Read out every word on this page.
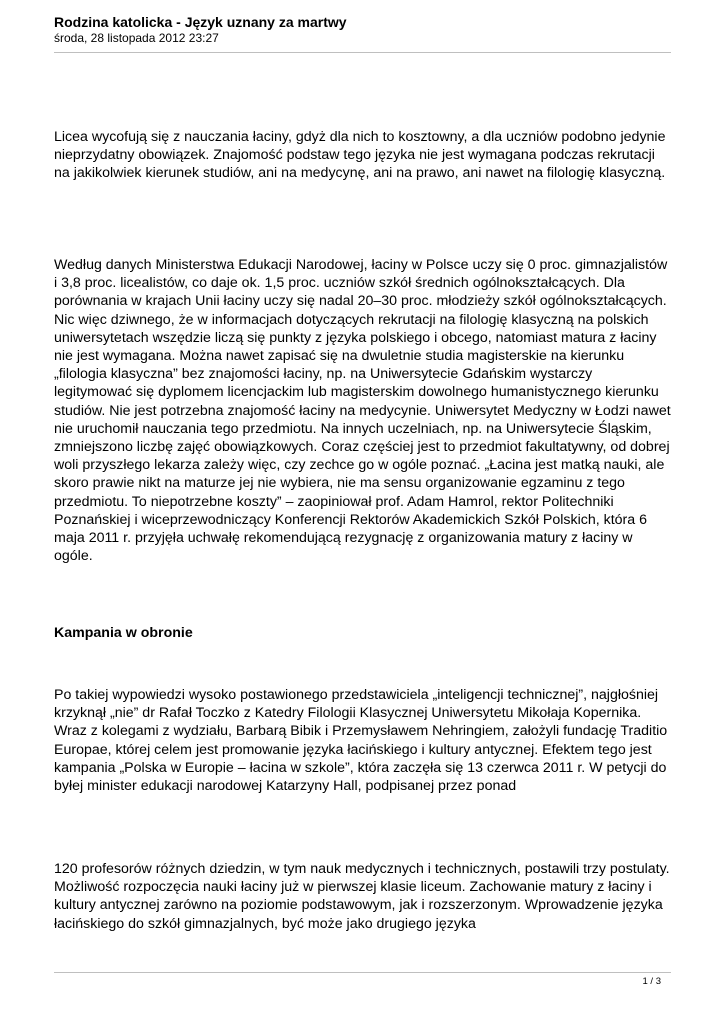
Rodzina katolicka - Język uznany za martwy

środa, 28 listopada 2012 23:27

Licea wycofują się z nauczania łaciny, gdyż dla nich to kosztowny, a dla uczniów podobno jedynie nieprzydatny obowiązek. Znajomość podstaw tego języka nie jest wymagana podczas rekrutacji na jakikolwiek kierunek studiów, ani na medycynę, ani na prawo, ani nawet na filologię klasyczną.

Według danych Ministerstwa Edukacji Narodowej, łaciny w Polsce uczy się 0 proc. gimnazjalistów i 3,8 proc. licealistów, co daje ok. 1,5 proc. uczniów szkół średnich ogólnokształcących. Dla porównania w krajach Unii łaciny uczy się nadal 20–30 proc. młodzieży szkół ogólnokształcących. Nic więc dziwnego, że w informacjach dotyczących rekrutacji na filologię klasyczną na polskich uniwersytetach wszędzie liczą się punkty z języka polskiego i obcego, natomiast matura z łaciny nie jest wymagana. Można nawet zapisać się na dwuletnie studia magisterskie na kierunku „filologia klasyczna” bez znajomości łaciny, np. na Uniwersytecie Gdańskim wystarczy legitymować się dyplomem licencjackim lub magisterskim dowolnego humanistycznego kierunku studiów. Nie jest potrzebna znajomość łaciny na medycynie. Uniwersytet Medyczny w Łodzi nawet nie uruchomił nauczania tego przedmiotu. Na innych uczelniach, np. na Uniwersytecie Śląskim, zmniejszono liczbę zajęć obowiązkowych. Coraz częściej jest to przedmiot fakultatywny, od dobrej woli przyszłego lekarza zależy więc, czy zechce go w ogóle poznać. „Łacina jest matką nauki, ale skoro prawie nikt na maturze jej nie wybiera, nie ma sensu organizowanie egzaminu z tego przedmiotu. To niepotrzebne koszty” – zaopiniował prof. Adam Hamrol, rektor Politechniki Poznańskiej i wiceprzewodniczący Konferencji Rektorów Akademickich Szkół Polskich, która 6 maja 2011 r. przyjęła uchwałę rekomendującą rezygnację z organizowania matury z łaciny w ogóle.

Kampania w obronie

Po takiej wypowiedzi wysoko postawionego przedstawiciela „inteligencji technicznej”, najgłośniej krzyknął „nie” dr Rafał Toczko z Katedry Filologii Klasycznej Uniwersytetu Mikołaja Kopernika. Wraz z kolegami z wydziału, Barbarą Bibik i Przemysławem Nehringiem, założyli fundację Traditio Europae, której celem jest promowanie języka łacińskiego i kultury antycznej. Efektem tego jest kampania „Polska w Europie – łacina w szkole”, która zaczęła się 13 czerwca 2011 r. W petycji do byłej minister edukacji narodowej Katarzyny Hall, podpisanej przez ponad

120 profesorów różnych dziedzin, w tym nauk medycznych i technicznych, postawili trzy postulaty. Możliwość rozpoczęcia nauki łaciny już w pierwszej klasie liceum. Zachowanie matury z łaciny i kultury antycznej zarówno na poziomie podstawowym, jak i rozszerzonym. Wprowadzenie języka łacińskiego do szkół gimnazjalnych, być może jako drugiego języka

1 / 3
